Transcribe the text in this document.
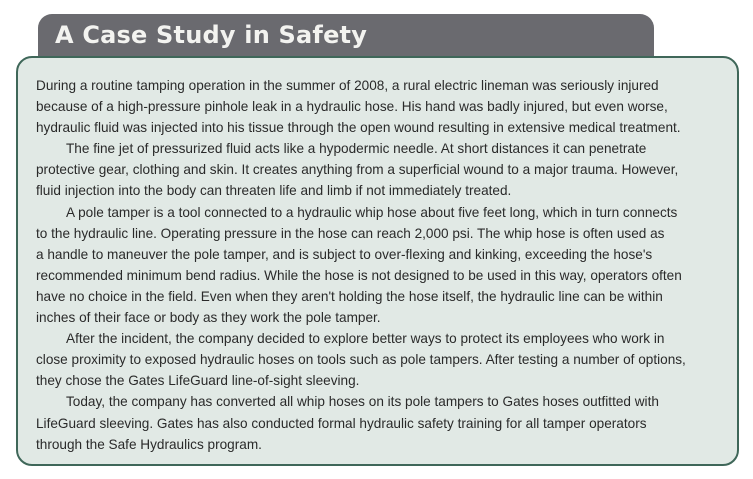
A Case Study in Safety

During a routine tamping operation in the summer of 2008, a rural electric lineman was seriously injured
because of a high-pressure pinhole leak in a hydraulic hose. His hand was badly injured, but even worse,
hydraulic fluid was injected into his tissue through the open wound resulting in extensive medical treatment.

The fine jet of pressurized fluid acts like a hypodermic needle. At short distances it can penetrate
protective gear, clothing and skin. It creates anything from a superficial wound to a major trauma. However,
fluid injection into the body can threaten life and limb if not immediately treated.

A pole tamper is a tool connected to a hydraulic whip hose about five feet long, which in turn connects
to the hydraulic line. Operating pressure in the hose can reach 2,000 psi. The whip hose is often used as
a handle to maneuver the pole tamper, and is subject to over-flexing and kinking, exceeding the hose's
recommended minimum bend radius. While the hose is not designed to be used in this way, operators often
have no choice in the field. Even when they aren't holding the hose itself, the hydraulic line can be within
inches of their face or body as they work the pole tamper.

After the incident, the company decided to explore better ways to protect its employees who work in
close proximity to exposed hydraulic hoses on tools such as pole tampers. After testing a number of options,
they chose the Gates LifeGuard line-of-sight sleeving.

Today, the company has converted all whip hoses on its pole tampers to Gates hoses outfitted with
LifeGuard sleeving. Gates has also conducted formal hydraulic safety training for all tamper operators
through the Safe Hydraulics program.
